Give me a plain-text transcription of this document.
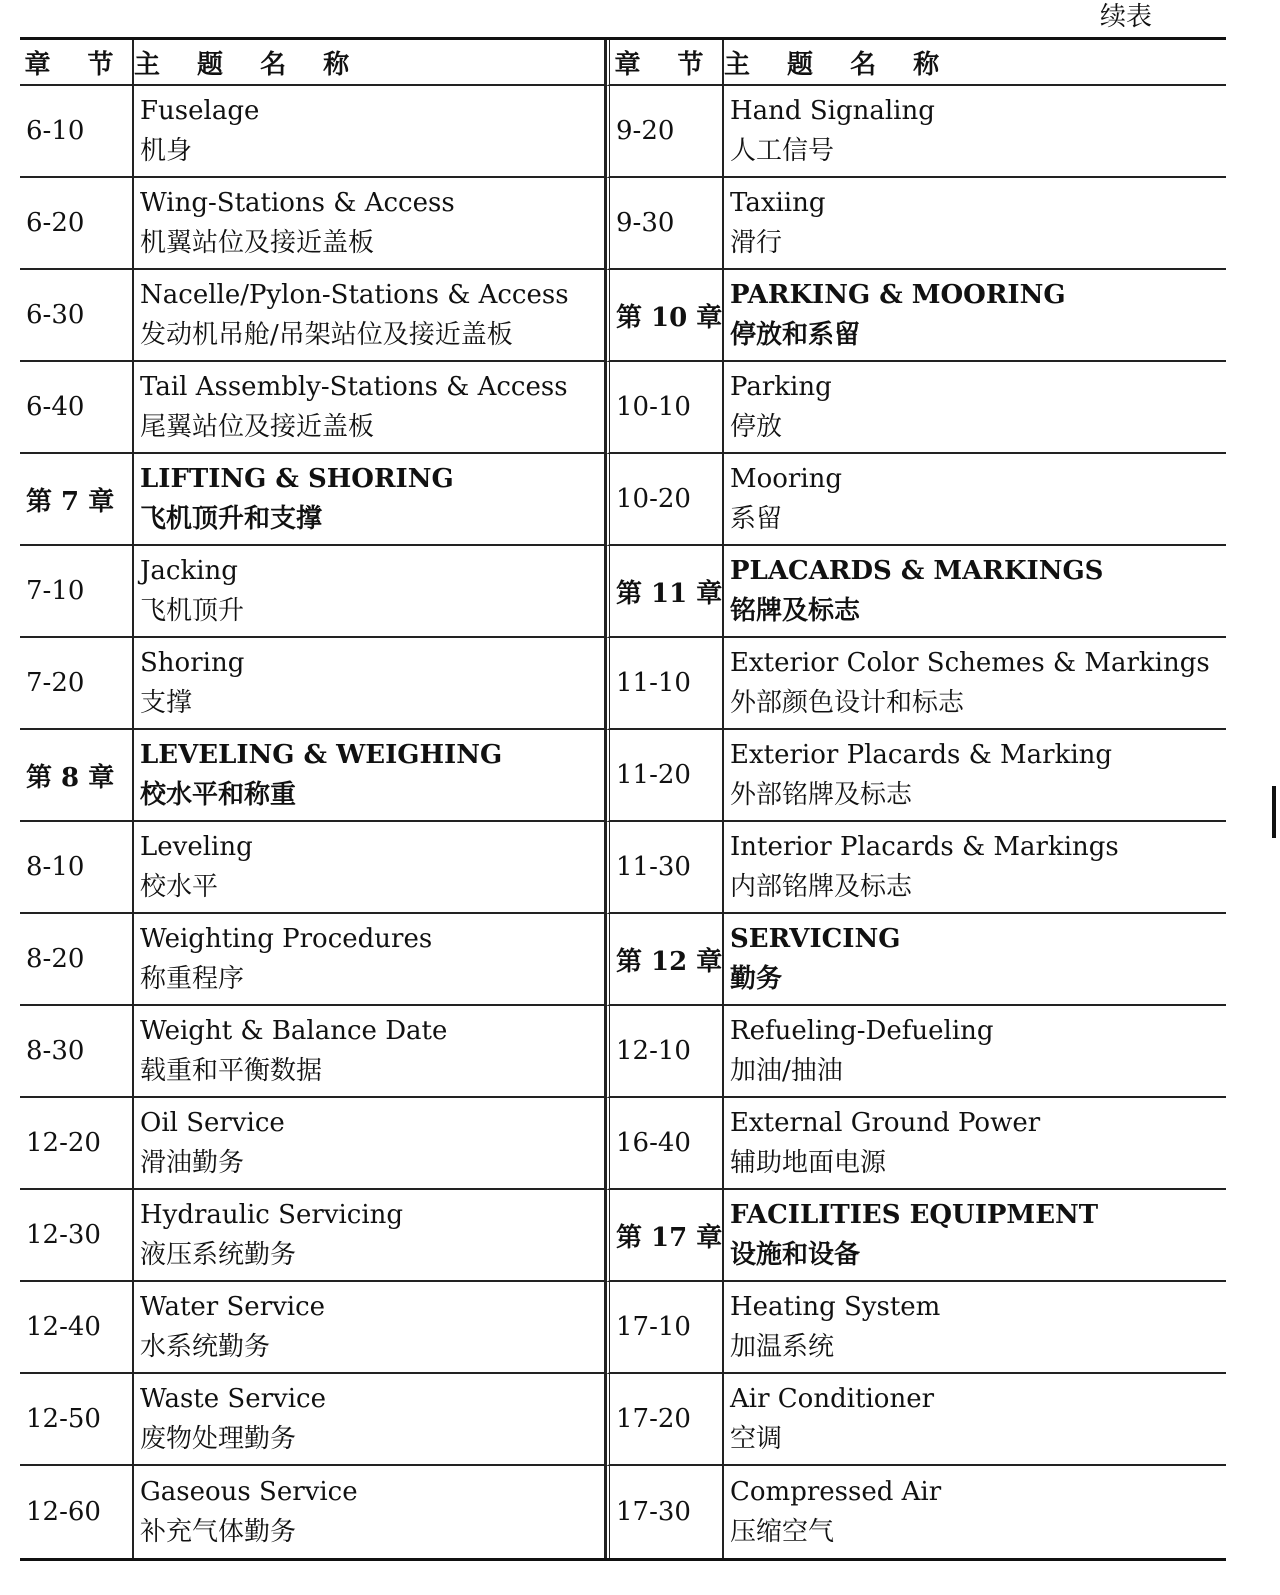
续表
章 节 主 题 名 称	章 节 主 题 名 称
6-10
Fuselage
机身
9-20
Hand Signaling
人工信号
6-20
Wing-Stations & Access
机翼站位及接近盖板
9-30
Taxiing
滑行
6-30
Nacelle/Pylon-Stations & Access
发动机吊舱/吊架站位及接近盖板
第 10 章
PARKING & MOORING
停放和系留
6-40
Tail Assembly-Stations & Access
尾翼站位及接近盖板
10-10
Parking
停放
第 7 章
LIFTING & SHORING
飞机顶升和支撑
10-20
Mooring
系留
7-10
Jacking
飞机顶升
第 11 章
PLACARDS & MARKINGS
铭牌及标志
7-20
Shoring
支撑
11-10
Exterior Color Schemes & Markings
外部颜色设计和标志
第 8 章
LEVELING & WEIGHING
校水平和称重
11-20
Exterior Placards & Marking
外部铭牌及标志
8-10
Leveling
校水平
11-30
Interior Placards & Markings
内部铭牌及标志
8-20
Weighting Procedures
称重程序
第 12 章
SERVICING
勤务
8-30
Weight & Balance Date
载重和平衡数据
12-10
Refueling-Defueling
加油/抽油
12-20
Oil Service
滑油勤务
16-40
External Ground Power
辅助地面电源
12-30
Hydraulic Servicing
液压系统勤务
第 17 章
FACILITIES EQUIPMENT
设施和设备
12-40
Water Service
水系统勤务
17-10
Heating System
加温系统
12-50
Waste Service
废物处理勤务
17-20
Air Conditioner
空调
12-60
Gaseous Service
补充气体勤务
17-30
Compressed Air
压缩空气
